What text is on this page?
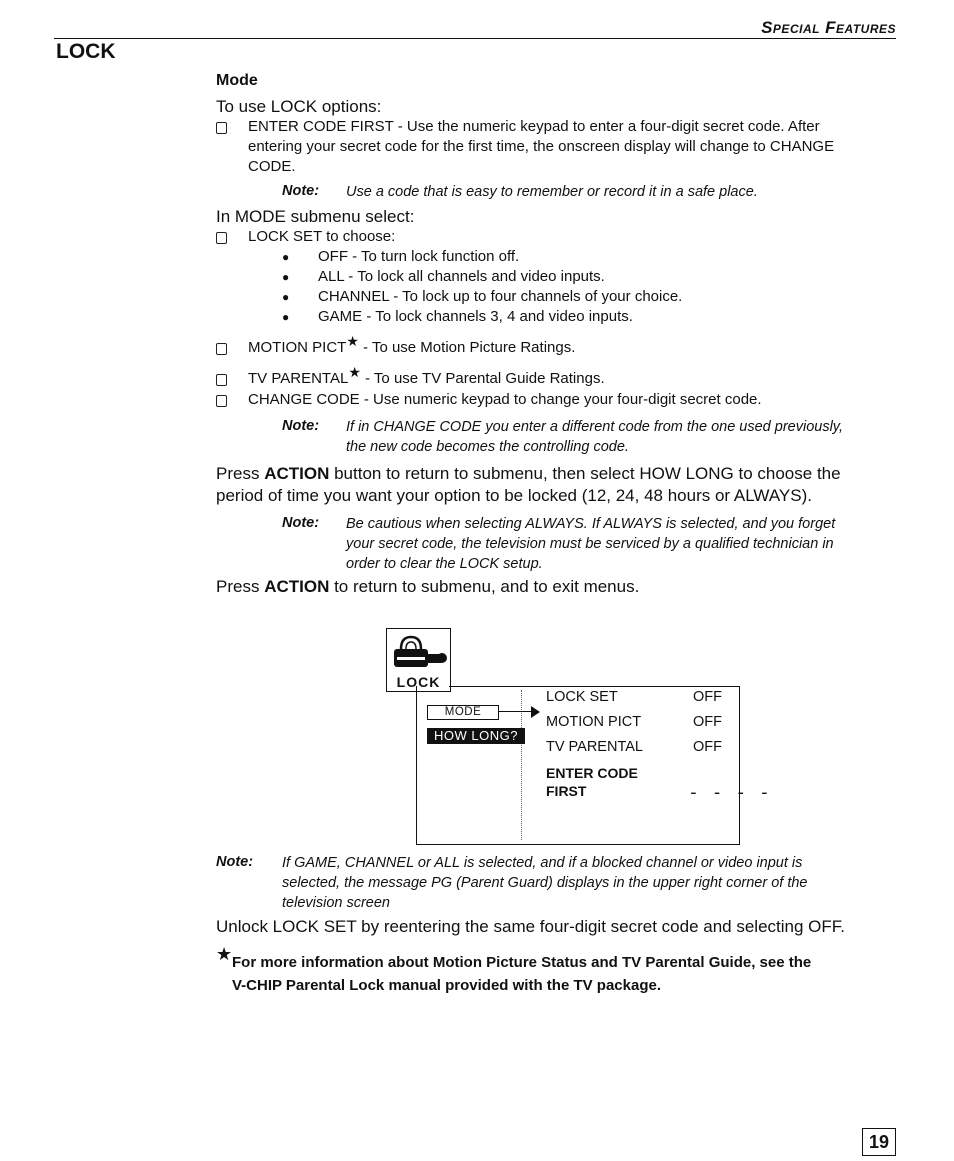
Special Features
LOCK
Mode
To use LOCK options:
ENTER CODE FIRST - Use the numeric keypad to enter a four-digit secret code. After
entering your secret code for the first time, the onscreen display will change to CHANGE
CODE.
Note: Use a code that is easy to remember or record it in a safe place.
In MODE submenu select:
LOCK SET to choose:
● OFF - To turn lock function off.
● ALL - To lock all channels and video inputs.
● CHANNEL - To lock up to four channels of your choice.
● GAME - To lock channels 3, 4 and video inputs.
MOTION PICT★ - To use Motion Picture Ratings.
TV PARENTAL★ - To use TV Parental Guide Ratings.
CHANGE CODE - Use numeric keypad to change your four-digit secret code.
Note: If in CHANGE CODE you enter a different code from the one used previously,
the new code becomes the controlling code.
Press ACTION button to return to submenu, then select HOW LONG to choose the
period of time you want your option to be locked (12, 24, 48 hours or ALWAYS).
Note: Be cautious when selecting ALWAYS. If ALWAYS is selected, and you forget
your secret code, the television must be serviced by a qualified technician in
order to clear the LOCK setup.
Press ACTION to return to submenu, and to exit menus.
LOCK
MODE
HOW LONG?
LOCK SET	OFF
MOTION PICT	OFF
TV PARENTAL	OFF
ENTER CODE
FIRST	- - - -
Note: If GAME, CHANNEL or ALL is selected, and if a blocked channel or video input is
selected, the message PG (Parent Guard) displays in the upper right corner of the
television screen
Unlock LOCK SET by reentering the same four-digit secret code and selecting OFF.
★ For more information about Motion Picture Status and TV Parental Guide, see the
V-CHIP Parental Lock manual provided with the TV package.
19
